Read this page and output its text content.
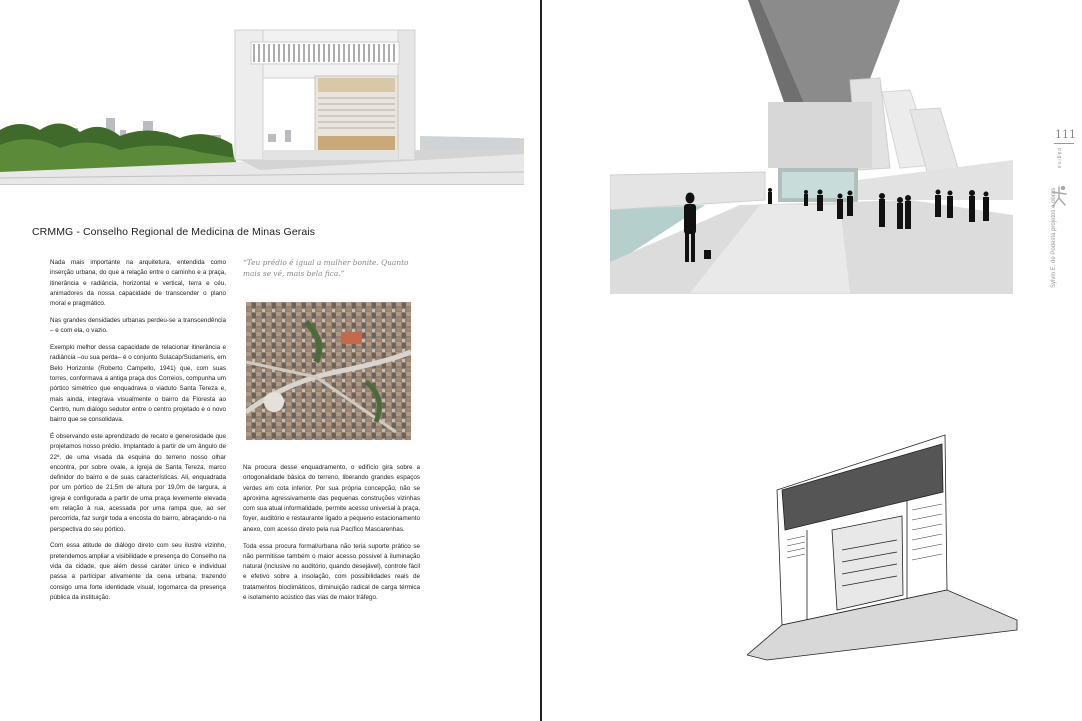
CRMMG - Conselho Regional de Medicina de Minas Gerais

Nada mais importante na arquitetura, entendida como inserção urbana, do que a relação entre o caminho e a praça, itinerância e radiância, horizontal e vertical, terra e céu, animadores da nossa capacidade de transcender o plano moral e pragmático.

Nas grandes densidades urbanas perdeu-se a transcendência – e com ela, o vazio.

Exemplo melhor dessa capacidade de relacionar itinerância e radiância –ou sua perda– é o conjunto Sulacap/Sudameris, em Belo Horizonte (Roberto Campello, 1941) que, com suas torres, conformava a antiga praça dos Correios, compunha um pórtico simétrico que enquadrava o viaduto Santa Tereza e, mais ainda, integrava visualmente o bairro da Floresta ao Centro, num diálogo sedutor entre o centro projetado e o novo bairro que se consolidava.

É observando este aprendizado de recato e generosidade que projetamos nosso prédio. Implantado a partir de um ângulo de 22º, de uma visada da esquina do terreno nosso olhar encontra, por sobre ovale, a igreja de Santa Tereza, marco definidor do bairro e de suas características. Ali, enquadrada por um pórtico de 21,5m de altura por 19,0m de largura, a igreja é configurada a partir de uma praça levemente elevada em relação à rua, acessada por uma rampa que, ao ser percorrida, faz surgir toda a encosta do bairro, abraçando-o na perspectiva do seu pórtico.

Com essa atitude de diálogo direto com seu ilustre vizinho, pretendemos ampliar a visibilidade e presença do Conselho na vida da cidade, que além desse caráter único e individual passa a participar ativamente da cena urbana, trazendo consigo uma forte identidade visual, logomarca da presença pública da instituição.

“Teu prédio é igual a mulher bonite. Quanto mais se vê, mais bela fica.”

Na procura desse enquadramento, o edifício gira sobre a ortogonalidade básica do terreno, liberando grandes espaços verdes em cota inferior. Por sua própria concepção, não se aproxima agressivamente das pequenas construções vizinhas com sua atual informalidade, permite acesso universal à praça, foyer, auditório e restaurante ligado a pequeno estacionamento anexo, com acesso direto pela rua Pacífico Mascarenhas.

Toda essa procura formal/urbana não teria suporte prático se não permitisse também o maior acesso possível à iluminação natural (inclusive no auditório, quando desejável), controle fácil e efetivo sobre a insolação, com possibilidades reais de tratamentos bioclimáticos, diminuição radical de carga térmica e isolamento acústico das vias de maior tráfego.

111
página
Sylvio E. de Podestá projetos e obras
